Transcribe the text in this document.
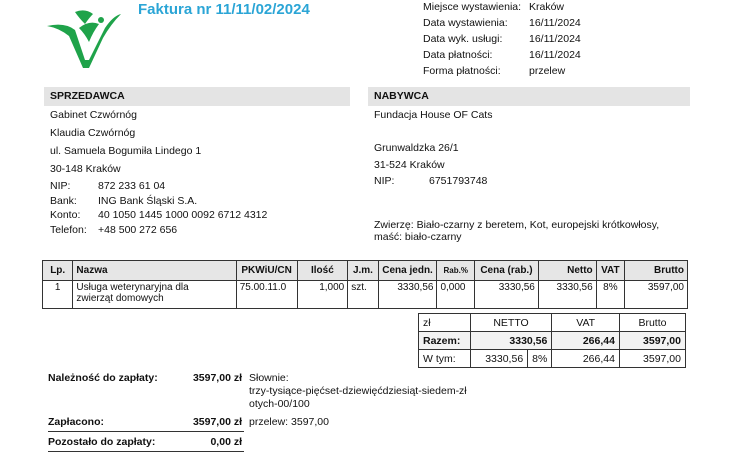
Faktura nr 11/11/02/2024	Miejsce wystawienia: Kraków
Data wystawienia: 16/11/2024
Data wyk. usługi:	16/11/2024
Data płatności:	16/11/2024
Forma płatności:	przelew
SPRZEDAWCA
Gabinet Czwórnóg
Klaudia Czwórnóg
ul. Samuela Bogumiła Lindego 1
30-148 Kraków
NIP:	872 233 61 04
Bank: ING Bank Śląski S.A.
Konto: 40 1050 1445 1000 0092 6712 4312
Telefon: +48 500 272 656
NABYWCA
Fundacja House OF Cats
Grunwaldzka 26/1
31-524 Kraków
NIP:	6751793748
Zwierzę: Biało-czarny z beretem, Kot, europejski krótkowłosy,
maść: biało-czarny
Lp.	Nazwa	PKWiU/CN	Ilość	J.m.	Cena jedn.	Rab.%	Cena (rab.)	Netto	VAT	Brutto
1	Usługa weterynaryjna dla
zwierząt domowych	75.00.11.0	1,000	szt.	3330,56	0,000	3330,56	3330,56	8%	3597,00
zł	NETTO		VAT	Brutto
Razem:	3330,56		266,44	3597,00
W tym:	3330,56	8%	266,44	3597,00
Należność do zapłaty:	3597,00 zł Słownie:
trzy-tysiące-pięćset-dziewięćdziesiąt-siedem-zł
otych-00/100
Zapłacono:	3597,00 zł przelew: 3597,00
Pozostało do zapłaty:	0,00 zł
